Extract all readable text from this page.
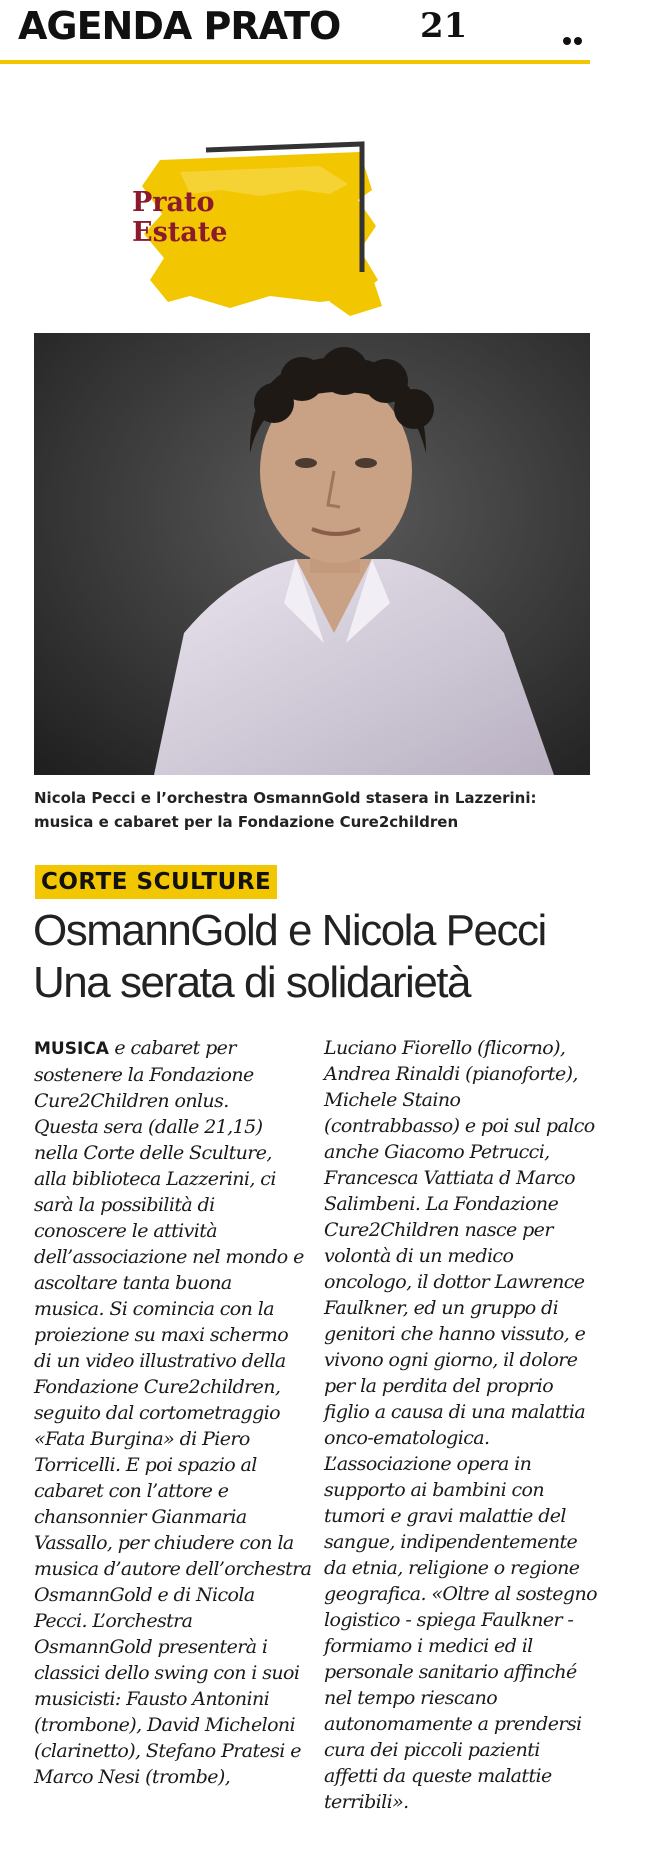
AGENDA PRATO 21
Prato
Estate
Nicola Pecci e l’orchestra OsmannGold stasera in Lazzerini:
musica e cabaret per la Fondazione Cure2children
CORTE SCULTURE
OsmannGold e Nicola Pecci
Una serata di solidarietà
MUSICA e cabaret per
sostenere la Fondazione
Cure2Children onlus.
Questa sera (dalle 21,15)
nella Corte delle Sculture,
alla biblioteca Lazzerini, ci
sarà la possibilità di
conoscere le attività
dell’associazione nel mondo e
ascoltare tanta buona
musica. Si comincia con la
proiezione su maxi schermo
di un video illustrativo della
Fondazione Cure2children,
seguito dal cortometraggio
«Fata Burgina» di Piero
Torricelli. E poi spazio al
cabaret con l’attore e
chansonnier Gianmaria
Vassallo, per chiudere con la
musica d’autore dell’orchestra
OsmannGold e di Nicola
Pecci. L’orchestra
OsmannGold presenterà i
classici dello swing con i suoi
musicisti: Fausto Antonini
(trombone), David Micheloni
(clarinetto), Stefano Pratesi e
Marco Nesi (trombe),
Luciano Fiorello (flicorno),
Andrea Rinaldi (pianoforte),
Michele Staino
(contrabbasso) e poi sul palco
anche Giacomo Petrucci,
Francesca Vattiata d Marco
Salimbeni. La Fondazione
Cure2Children nasce per
volontà di un medico
oncologo, il dottor Lawrence
Faulkner, ed un gruppo di
genitori che hanno vissuto, e
vivono ogni giorno, il dolore
per la perdita del proprio
figlio a causa di una malattia
onco-ematologica.
L’associazione opera in
supporto ai bambini con
tumori e gravi malattie del
sangue, indipendentemente
da etnia, religione o regione
geografica. «Oltre al sostegno
logistico - spiega Faulkner -
formiamo i medici ed il
personale sanitario affinché
nel tempo riescano
autonomamente a prendersi
cura dei piccoli pazienti
affetti da queste malattie
terribili».
